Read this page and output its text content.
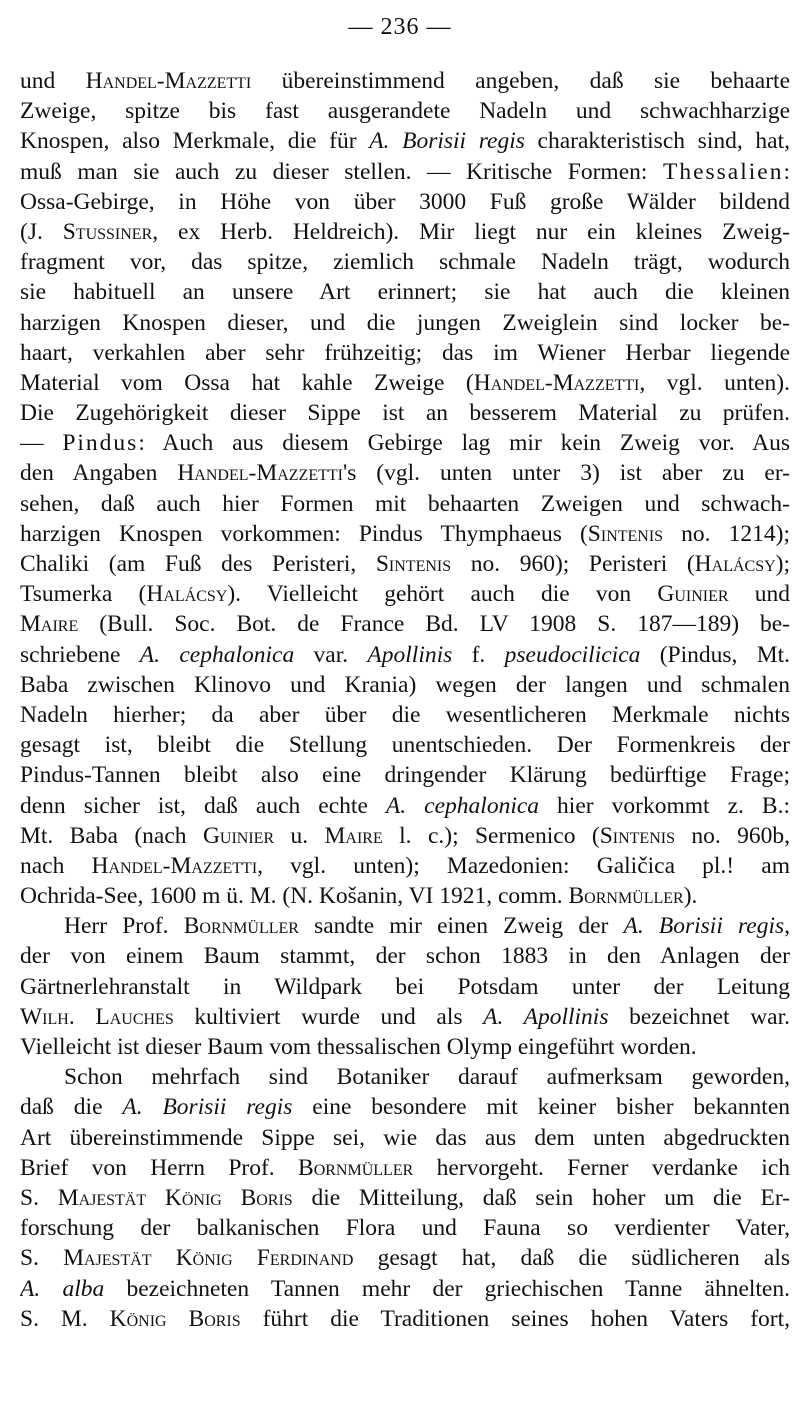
— 236 —
und Handel-Mazzetti übereinstimmend angeben, daß sie behaarte
Zweige, spitze bis fast ausgerandete Nadeln und schwachharzige
Knospen, also Merkmale, die für A. Borisii regis charakteristisch sind, hat,
muß man sie auch zu dieser stellen. — Kritische Formen: Thessalien:
Ossa-Gebirge, in Höhe von über 3000 Fuß große Wälder bildend
(J. Stussiner, ex Herb. Heldreich). Mir liegt nur ein kleines Zweig-
fragment vor, das spitze, ziemlich schmale Nadeln trägt, wodurch
sie habituell an unsere Art erinnert; sie hat auch die kleinen
harzigen Knospen dieser, und die jungen Zweiglein sind locker be-
haart, verkahlen aber sehr frühzeitig; das im Wiener Herbar liegende
Material vom Ossa hat kahle Zweige (Handel-Mazzetti, vgl. unten).
Die Zugehörigkeit dieser Sippe ist an besserem Material zu prüfen.
— Pindus: Auch aus diesem Gebirge lag mir kein Zweig vor. Aus
den Angaben Handel-Mazzetti's (vgl. unten unter 3) ist aber zu er-
sehen, daß auch hier Formen mit behaarten Zweigen und schwach-
harzigen Knospen vorkommen: Pindus Thymphaeus (Sintenis no. 1214);
Chaliki (am Fuß des Peristeri, Sintenis no. 960); Peristeri (Halácsy);
Tsumerka (Halácsy). Vielleicht gehört auch die von Guinier und
Maire (Bull. Soc. Bot. de France Bd. LV 1908 S. 187—189) be-
schriebene A. cephalonica var. Apollinis f. pseudocilicica (Pindus, Mt.
Baba zwischen Klinovo und Krania) wegen der langen und schmalen
Nadeln hierher; da aber über die wesentlicheren Merkmale nichts
gesagt ist, bleibt die Stellung unentschieden. Der Formenkreis der
Pindus-Tannen bleibt also eine dringender Klärung bedürftige Frage;
denn sicher ist, daß auch echte A. cephalonica hier vorkommt z. B.:
Mt. Baba (nach Guinier u. Maire l. c.); Sermenico (Sintenis no. 960b,
nach Handel-Mazzetti, vgl. unten); Mazedonien: Galičica pl.! am
Ochrida-See, 1600 m ü. M. (N. Košanin, VI 1921, comm. Bornmüller).
Herr Prof. Bornmüller sandte mir einen Zweig der A. Borisii regis,
der von einem Baum stammt, der schon 1883 in den Anlagen der
Gärtnerlehranstalt in Wildpark bei Potsdam unter der Leitung
Wilh. Lauches kultiviert wurde und als A. Apollinis bezeichnet war.
Vielleicht ist dieser Baum vom thessalischen Olymp eingeführt worden.
Schon mehrfach sind Botaniker darauf aufmerksam geworden,
daß die A. Borisii regis eine besondere mit keiner bisher bekannten
Art übereinstimmende Sippe sei, wie das aus dem unten abgedruckten
Brief von Herrn Prof. Bornmüller hervorgeht. Ferner verdanke ich
S. Majestät König Boris die Mitteilung, daß sein hoher um die Er-
forschung der balkanischen Flora und Fauna so verdienter Vater,
S. Majestät König Ferdinand gesagt hat, daß die südlicheren als
A. alba bezeichneten Tannen mehr der griechischen Tanne ähnelten.
S. M. König Boris führt die Traditionen seines hohen Vaters fort,
